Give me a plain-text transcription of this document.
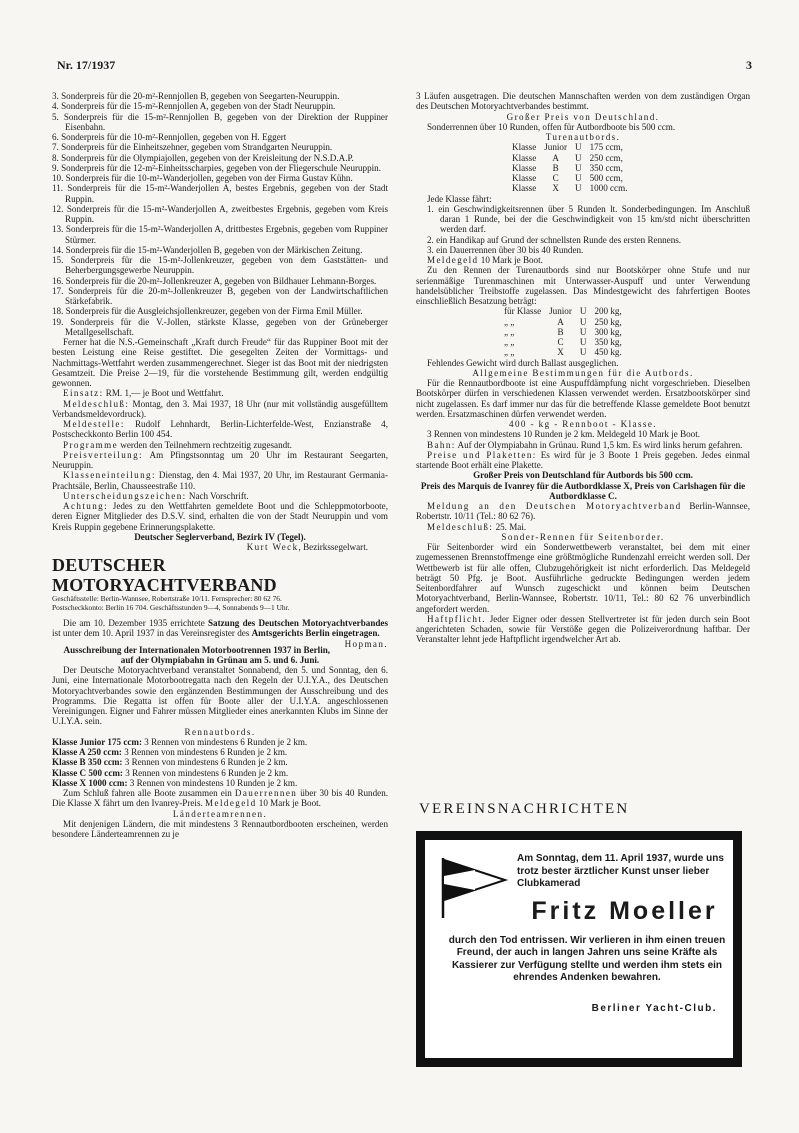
Nr. 17/1937	3

3. Sonderpreis für die 20-m²-Rennjollen B, gegeben von Seegarten-Neuruppin.

4. Sonderpreis für die 15-m²-Rennjollen A, gegeben von der Stadt Neuruppin.

5. Sonderpreis für die 15-m²-Rennjollen B, gegeben von der Direktion der Ruppiner Eisenbahn.

6. Sonderpreis für die 10-m²-Rennjollen, gegeben von H. Eggert

7. Sonderpreis für die Einheitszehner, gegeben vom Strandgarten Neuruppin.

8. Sonderpreis für die Olympiajollen, gegeben von der Kreisleitung der N.S.D.A.P.

9. Sonderpreis für die 12-m²-Einheitsscharpies, gegeben von der Fliegerschule Neuruppin.

10. Sonderpreis für die 10-m²-Wanderjollen, gegeben von der Firma Gustav Kühn.

11. Sonderpreis für die 15-m²-Wanderjollen A, bestes Ergebnis, gegeben von der Stadt Ruppin.

12. Sonderpreis für die 15-m²-Wanderjollen A, zweitbestes Ergebnis, gegeben vom Kreis Ruppin.

13. Sonderpreis für die 15-m²-Wanderjollen A, drittbestes Ergebnis, gegeben vom Ruppiner Stürmer.

14. Sonderpreis für die 15-m²-Wanderjollen B, gegeben von der Märkischen Zeitung.

15. Sonderpreis für die 15-m²-Jollenkreuzer, gegeben von dem Gaststätten- und Beherbergungsgewerbe Neuruppin.

16. Sonderpreis für die 20-m²-Jollenkreuzer A, gegeben von Bildhauer Lehmann-Borges.

17. Sonderpreis für die 20-m²-Jollenkreuzer B, gegeben von der Landwirtschaftlichen Stärkefabrik.

18. Sonderpreis für die Ausgleichsjollenkreuzer, gegeben von der Firma Emil Müller.

19. Sonderpreis für die V.-Jollen, stärkste Klasse, gegeben von der Grüneberger Metallgesellschaft.

Ferner hat die N.S.-Gemeinschaft „Kraft durch Freude“ für das Ruppiner Boot mit der besten Leistung eine Reise gestiftet. Die gesegelten Zeiten der Vormittags- und Nachmittags-Wettfahrt werden zusammengerechnet. Sieger ist das Boot mit der niedrigsten Gesamtzeit. Die Preise 2—19, für die vorstehende Bestimmung gilt, werden endgültig gewonnen.

Einsatz: RM. 1,— je Boot und Wettfahrt.

Meldeschluß: Montag, den 3. Mai 1937, 18 Uhr (nur mit vollständig ausgefülltem Verbandsmeldevordruck).

Meldestelle: Rudolf Lehnhardt, Berlin-Lichterfelde-West, Enzianstraße 4, Postscheckkonto Berlin 100 454.

Programme werden den Teilnehmern rechtzeitig zugesandt.

Preisverteilung: Am Pfingstsonntag um 20 Uhr im Restaurant Seegarten, Neuruppin.

Klasseneinteilung: Dienstag, den 4. Mai 1937, 20 Uhr, im Restaurant Germania-Prachtsäle, Berlin, Chausseestraße 110.

Unterscheidungszeichen: Nach Vorschrift.

Achtung: Jedes zu den Wettfahrten gemeldete Boot und die Schleppmotorboote, deren Eigner Mitglieder des D.S.V. sind, erhalten die von der Stadt Neuruppin und vom Kreis Ruppin gegebene Erinnerungsplakette.

Deutscher Seglerverband, Bezirk IV (Tegel).

Kurt Weck, Bezirkssegelwart.

DEUTSCHER MOTORYACHTVERBAND

Geschäftsstelle: Berlin-Wannsee, Robertstraße 10/11. Fernsprecher: 80 62 76.

Postscheckkonto: Berlin 16 704. Geschäftsstunden 9—4, Sonnabends 9—1 Uhr.

Die am 10. Dezember 1935 errichtete Satzung des Deutschen Motoryachtverbandes ist unter dem 10. April 1937 in das Vereinsregister des Amtsgerichts Berlin eingetragen.
Hopman.

Ausschreibung der Internationalen Motorbootrennen 1937 in Berlin, auf der Olympiabahn in Grünau am 5. und 6. Juni.

Der Deutsche Motoryachtverband veranstaltet Sonnabend, den 5. und Sonntag, den 6. Juni, eine Internationale Motorbootregatta nach den Regeln der U.I.Y.A., des Deutschen Motoryachtverbandes sowie den ergänzenden Bestimmungen der Ausschreibung und des Programms. Die Regatta ist offen für Boote aller der U.I.Y.A. angeschlossenen Vereinigungen. Eigner und Fahrer müssen Mitglieder eines anerkannten Klubs im Sinne der U.I.Y.A. sein.

Rennautbords.

Klasse Junior 175 ccm: 3 Rennen von mindestens 6 Runden je 2 km.

Klasse A 250 ccm: 3 Rennen von mindestens 6 Runden je 2 km.

Klasse B 350 ccm: 3 Rennen von mindestens 6 Runden je 2 km.

Klasse C 500 ccm: 3 Rennen von mindestens 6 Runden je 2 km.

Klasse X 1000 ccm: 3 Rennen von mindestens 10 Runden je 2 km.

Zum Schluß fahren alle Boote zusammen ein Dauerrennen über 30 bis 40 Runden. Die Klasse X fährt um den Ivanrey-Preis. Meldegeld 10 Mark je Boot.

Länderteamrennen.

Mit denjenigen Ländern, die mit mindestens 3 Rennautbordbooten erscheinen, werden besondere Länderteamrennen zu je

3 Läufen ausgetragen. Die deutschen Mannschaften werden von dem zuständigen Organ des Deutschen Motoryachtverbandes bestimmt.

Großer Preis von Deutschland.

Sonderrennen über 10 Runden, offen für Autbordboote bis 500 ccm.

Turenautbords.

Klasse	Junior	U	175 ccm,
Klasse	A	U	250 ccm,
Klasse	B	U	350 ccm,
Klasse	C	U	500 ccm,
Klasse	X	U	1000 ccm.

Jede Klasse fährt:

1. ein Geschwindigkeitsrennen über 5 Runden lt. Sonderbedingungen. Im Anschluß daran 1 Runde, bei der die Geschwindigkeit von 15 km/std nicht überschritten werden darf.

2. ein Handikap auf Grund der schnellsten Runde des ersten Rennens.

3. ein Dauerrennen über 30 bis 40 Runden.

Meldegeld 10 Mark je Boot.

Zu den Rennen der Turenautbords sind nur Bootskörper ohne Stufe und nur serienmäßige Turenmaschinen mit Unterwasser-Auspuff und unter Verwendung handelsüblicher Treibstoffe zugelassen. Das Mindestgewicht des fahrfertigen Bootes einschließlich Besatzung beträgt:

für Klasse	Junior	U	200 kg,
„ „	A	U	250 kg,
„ „	B	U	300 kg,
„ „	C	U	350 kg,
„ „	X	U	450 kg.

Fehlendes Gewicht wird durch Ballast ausgeglichen.

Allgemeine Bestimmungen für die Autbords.

Für die Rennautbordboote ist eine Auspuffdämpfung nicht vorgeschrieben. Dieselben Bootskörper dürfen in verschiedenen Klassen verwendet werden. Ersatzbootskörper sind nicht zugelassen. Es darf immer nur das für die betreffende Klasse gemeldete Boot benutzt werden. Ersatzmaschinen dürfen verwendet werden.

400 - kg - Rennboot - Klasse.

3 Rennen von mindestens 10 Runden je 2 km. Meldegeld 10 Mark je Boot.

Bahn: Auf der Olympiabahn in Grünau. Rund 1,5 km. Es wird links herum gefahren.

Preise und Plaketten: Es wird für je 3 Boote 1 Preis gegeben. Jedes einmal startende Boot erhält eine Plakette.

Großer Preis von Deutschland für Autbords bis 500 ccm.

Preis des Marquis de Ivanrey für die Autbordklasse X, Preis von Carlshagen für die Autbordklasse C.

Meldung an den Deutschen Motoryachtverband Berlin-Wannsee, Robertstr. 10/11 (Tel.: 80 62 76).

Meldeschluß: 25. Mai.

Sonder-Rennen für Seitenborder.

Für Seitenborder wird ein Sonderwettbewerb veranstaltet, bei dem mit einer zugemessenen Brennstoffmenge eine größtmögliche Rundenzahl erreicht werden soll. Der Wettbewerb ist für alle offen, Clubzugehörigkeit ist nicht erforderlich. Das Meldegeld beträgt 50 Pfg. je Boot. Ausführliche gedruckte Bedingungen werden jedem Seitenbordfahrer auf Wunsch zugeschickt und können beim Deutschen Motoryachtverband, Berlin-Wannsee, Robertstr. 10/11, Tel.: 80 62 76 unverbindlich angefordert werden.

Haftpflicht. Jeder Eigner oder dessen Stellvertreter ist für jeden durch sein Boot angerichteten Schaden, sowie für Verstöße gegen die Polizeiverordnung haftbar. Der Veranstalter lehnt jede Haftpflicht irgendwelcher Art ab.

VEREINSNACHRICHTEN
Am Sonntag, dem 11. April 1937, wurde uns trotz bester ärztlicher Kunst unser lieber Clubkamerad
Fritz Moeller
durch den Tod entrissen. Wir verlieren in ihm einen treuen Freund, der auch in langen Jahren uns seine Kräfte als Kassierer zur Verfügung stellte und werden ihm stets ein ehrendes Andenken bewahren.
Berliner Yacht-Club.
